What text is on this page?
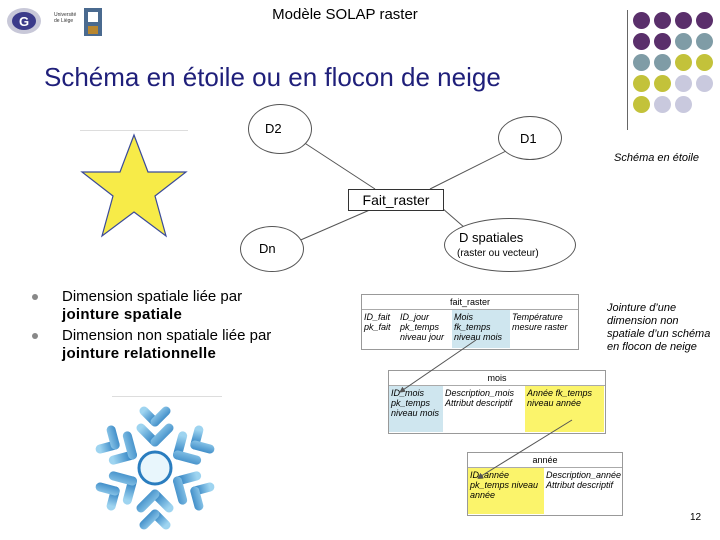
G	Université de Liège	Modèle SOLAP raster
Schéma en étoile ou en flocon de neige
D2
D1
Dn
D spatiales
(raster ou vecteur)
Fait_raster
Schéma en étoile
Dimension spatiale liée par
jointure spatiale
Dimension non spatiale liée par
jointure relationnelle
fait_raster
ID_fait pk_fait
ID_jour pk_temps niveau jour
Mois fk_temps niveau mois
Température mesure raster
mois
ID_mois pk_temps niveau mois
Description_mois Attribut descriptif
Année fk_temps niveau année
année
ID_année pk_temps niveau année
Description_année Attribut descriptif
Jointure d’une dimension non spatiale d’un schéma en flocon de neige
12
